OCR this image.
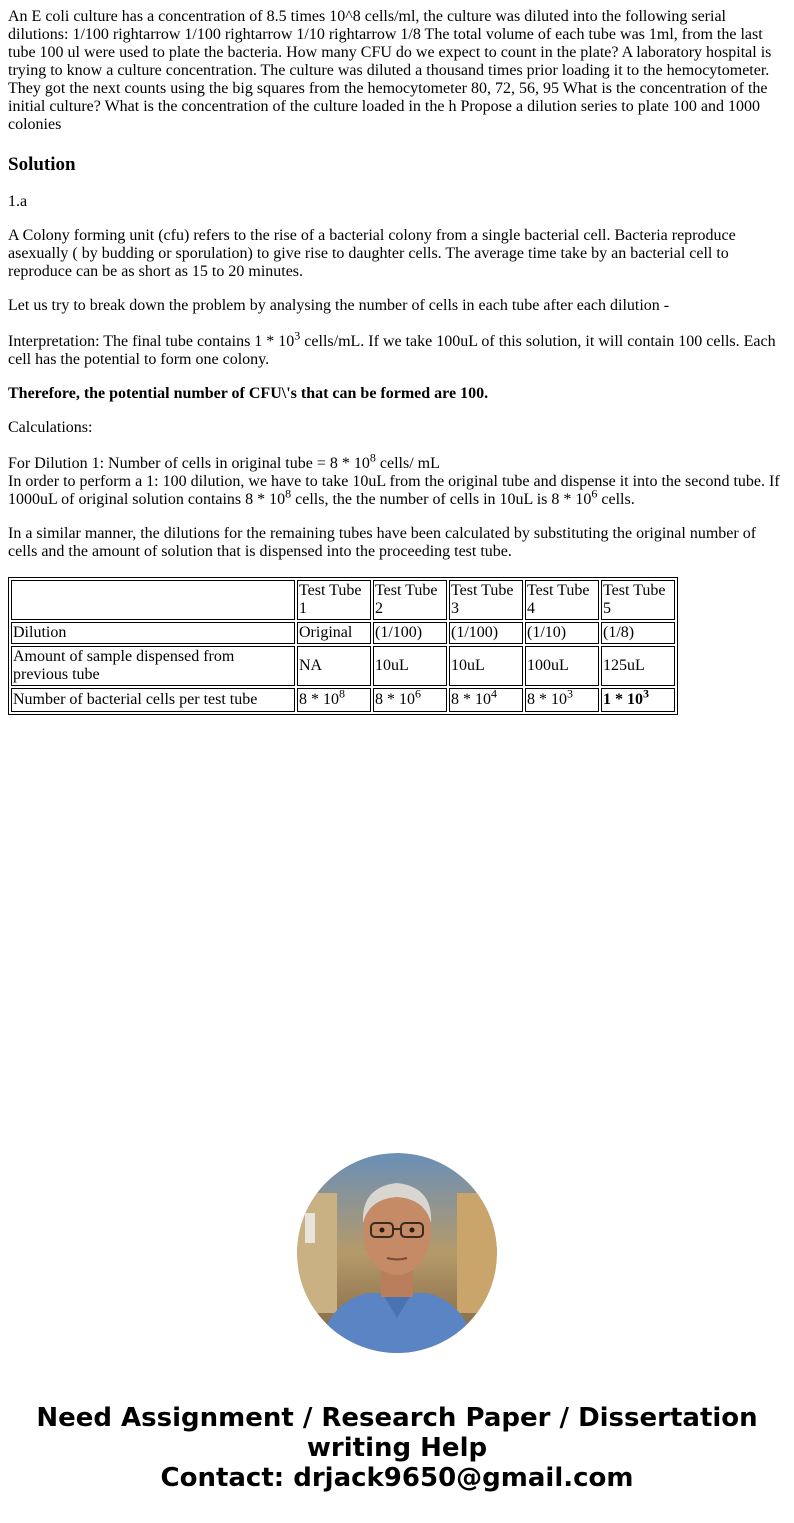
An E coli culture has a concentration of 8.5 times 10^8 cells/ml, the culture was diluted into the following serial dilutions: 1/100 rightarrow 1/100 rightarrow 1/10 rightarrow 1/8 The total volume of each tube was 1ml, from the last tube 100 ul were used to plate the bacteria. How many CFU do we expect to count in the plate? A laboratory hospital is trying to know a culture concentration. The culture was diluted a thousand times prior loading it to the hemocytometer. They got the next counts using the big squares from the hemocytometer 80, 72, 56, 95 What is the concentration of the initial culture? What is the concentration of the culture loaded in the h Propose a dilution series to plate 100 and 1000 colonies

Solution

1.a

A Colony forming unit (cfu) refers to the rise of a bacterial colony from a single bacterial cell. Bacteria reproduce asexually ( by budding or sporulation) to give rise to daughter cells. The average time take by an bacterial cell to reproduce can be as short as 15 to 20 minutes.

Let us try to break down the problem by analysing the number of cells in each tube after each dilution -

Interpretation: The final tube contains $1 * 10^3$ cells/mL. If we take 100uL of this solution, it will contain 100 cells. Each cell has the potential to form one colony.

Therefore, the potential number of CFU\'s that can be formed are 100.

Calculations:

For Dilution 1: Number of cells in original tube = $8 * 10^8$ cells/ mL
In order to perform a 1: 100 dilution, we have to take 10uL from the original tube and dispense it into the second tube. If 1000uL of original solution contains $8 * 10^8$ cells, the the number of cells in 10uL is $8 * 10^6$ cells.

In a similar manner, the dilutions for the remaining tubes have been calculated by substituting the original number of cells and the amount of solution that is dispensed into the proceeding test tube.

	Test Tube 1	Test Tube 2	Test Tube 3	Test Tube 4	Test Tube 5
Dilution	Original	(1/100)	(1/100)	(1/10)	(1/8)
Amount of sample dispensed from previous tube	NA	10uL	10uL	100uL	125uL
Number of bacterial cells per test tube	$8 * 10^8$	$8 * 10^6$	$8 * 10^4$	$8 * 10^3$	$1 * 10^3$
Need Assignment / Research Paper / Dissertation
writing Help
Contact: drjack9650@gmail.com
